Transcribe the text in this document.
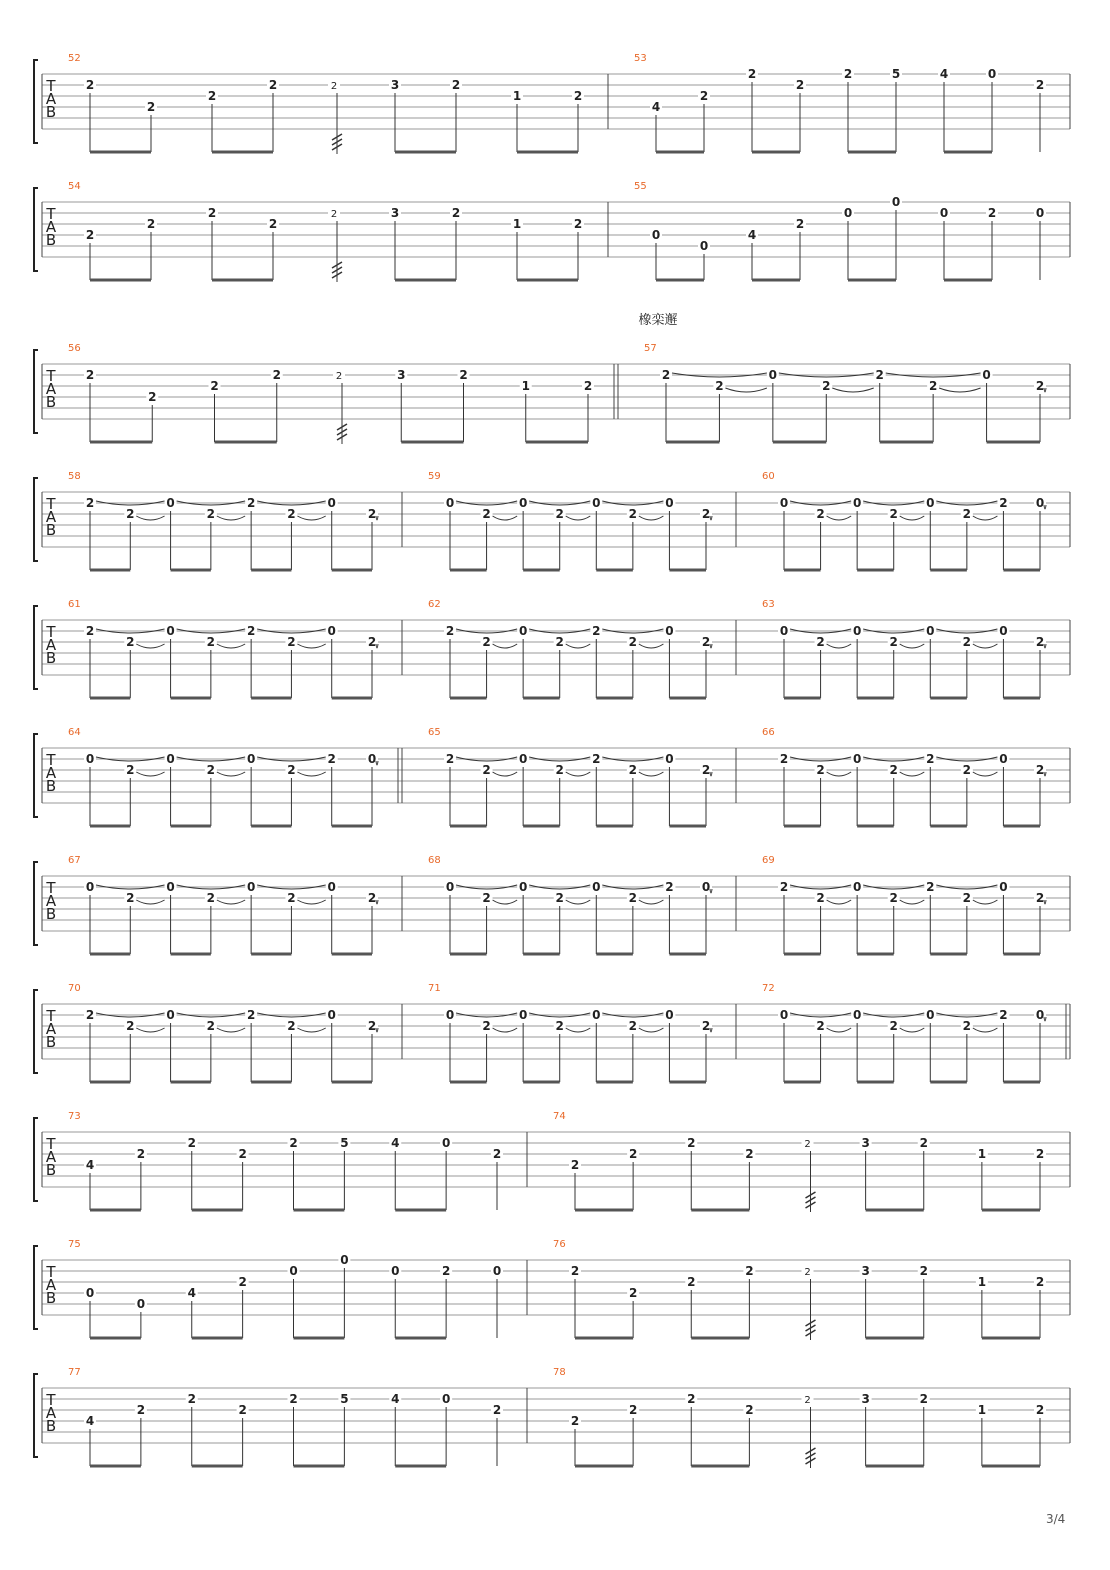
橡栾邂
T
A
B
52
2
2
2
2	2	3	2
1	2
53
4
2
2
2
2	5	4	0
2
T
A
B
54
2
2
2
2
2	3	2
1	2
55
0
0
4
2
0
0
0	2	0
T
A
B
56
2
2
2
2	2	3	2
1	2
57
2
2
0
2
2
2
0
2
T
A
B
58
2
2
0
2
2
2
0
2
59
0
2
0
2
0
2
0
2
60
0
2
0
2
0
2
2 0
T
A
B
61
2
2
0
2
2
2
0
2
62
2
2
0
2
2
2
0
2
63
0
2
0
2
0
2
0
2
T
A
B
64
0
2
0
2
0
2
2	0
65
2
2
0
2
2
2
0
2
66
2
2
0
2
2
2
0
2
T
A
B
67
0
2
0
2
0
2
0
2
68
0
2
0
2
0
2
2 0
69
2
2
0
2
2
2
0
2
T
A
B
70
2
2
0
2
2
2
0
2
71
0
2
0
2
0
2
0
2
72
0
2
0
2
0
2
2 0
T
A
B
73
4
2
2
2
2	5	4	0
2
74
2
2
2
2
2	3	2
1	2
T
A
B
75
0
0
4
2
0
0
0	2	0
76
2
2
2
2	2	3	2
1	2
T
A
B
77
4
2
2
2
2	5	4	0
2
78
2
2
2
2
2	3	2
1	2
3/4
